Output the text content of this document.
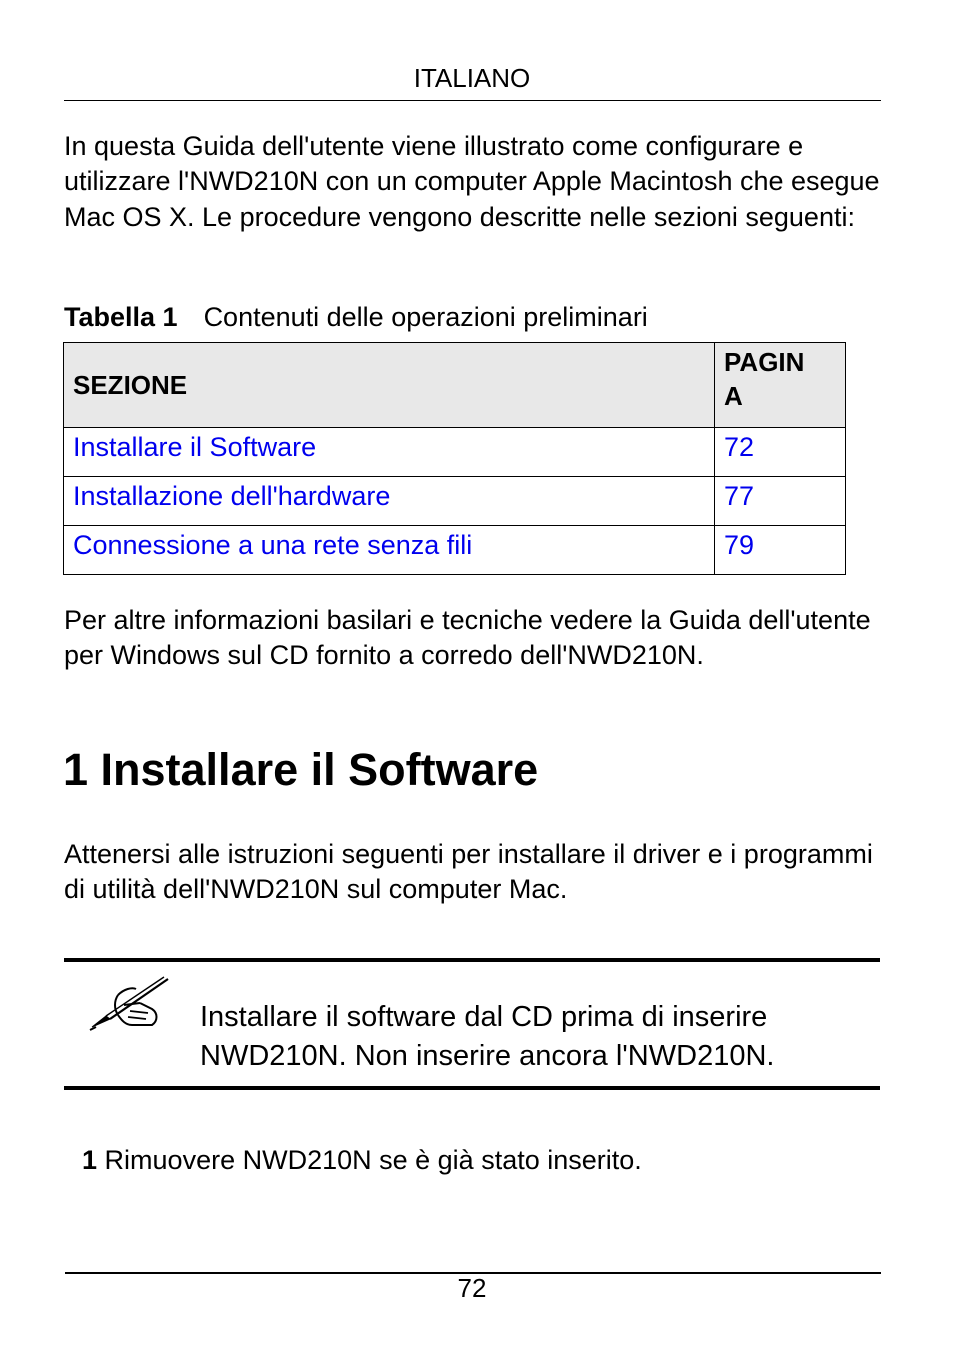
ITALIANO
In questa Guida dell'utente viene illustrato come configurare e utilizzare l'NWD210N con un computer Apple Macintosh che esegue Mac OS X. Le procedure vengono descritte nelle sezioni seguenti:
Tabella 1 Contenuti delle operazioni preliminari
SEZIONE	PAGIN
A
Installare il Software	72
Installazione dell'hardware	77
Connessione a una rete senza fili	79
Per altre informazioni basilari e tecniche vedere la Guida dell'utente per Windows sul CD fornito a corredo dell'NWD210N.
1 Installare il Software
Attenersi alle istruzioni seguenti per installare il driver e i programmi di utilità dell'NWD210N sul computer Mac.
Installare il software dal CD prima di inserire NWD210N. Non inserire ancora l'NWD210N.
1 Rimuovere NWD210N se è già stato inserito.
72
